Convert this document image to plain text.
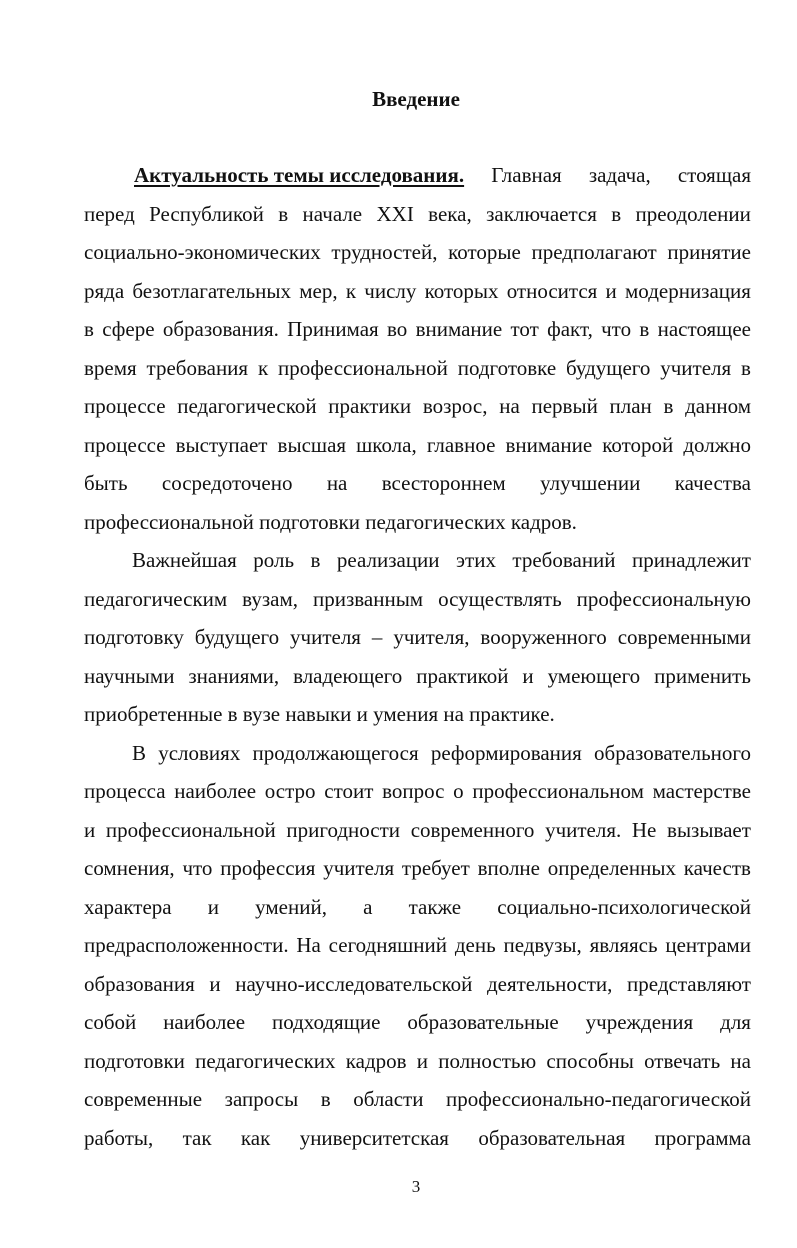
Введение
Актуальность темы исследования. Главная задача, стоящая
перед Республикой в начале XXI века, заключается в преодолении
социально-экономических трудностей, которые предполагают принятие
ряда безотлагательных мер, к числу которых относится и модернизация
в сфере образования. Принимая во внимание тот факт, что в настоящее
время требования к профессиональной подготовке будущего учителя в
процессе педагогической практики возрос, на первый план в данном
процессе выступает высшая школа, главное внимание которой должно
быть сосредоточено на всестороннем улучшении качества
профессиональной подготовки педагогических кадров.
Важнейшая роль в реализации этих требований принадлежит
педагогическим вузам, призванным осуществлять профессиональную
подготовку будущего учителя – учителя, вооруженного современными
научными знаниями, владеющего практикой и умеющего применить
приобретенные в вузе навыки и умения на практике.
В условиях продолжающегося реформирования образовательного
процесса наиболее остро стоит вопрос о профессиональном мастерстве
и профессиональной пригодности современного учителя. Не вызывает
сомнения, что профессия учителя требует вполне определенных качеств
характера и умений, а также социально-психологической
предрасположенности. На сегодняшний день педвузы, являясь центрами
образования и научно-исследовательской деятельности, представляют
собой наиболее подходящие образовательные учреждения для
подготовки педагогических кадров и полностью способны отвечать на
современные запросы в области профессионально-педагогической
работы, так как университетская образовательная программа
3
